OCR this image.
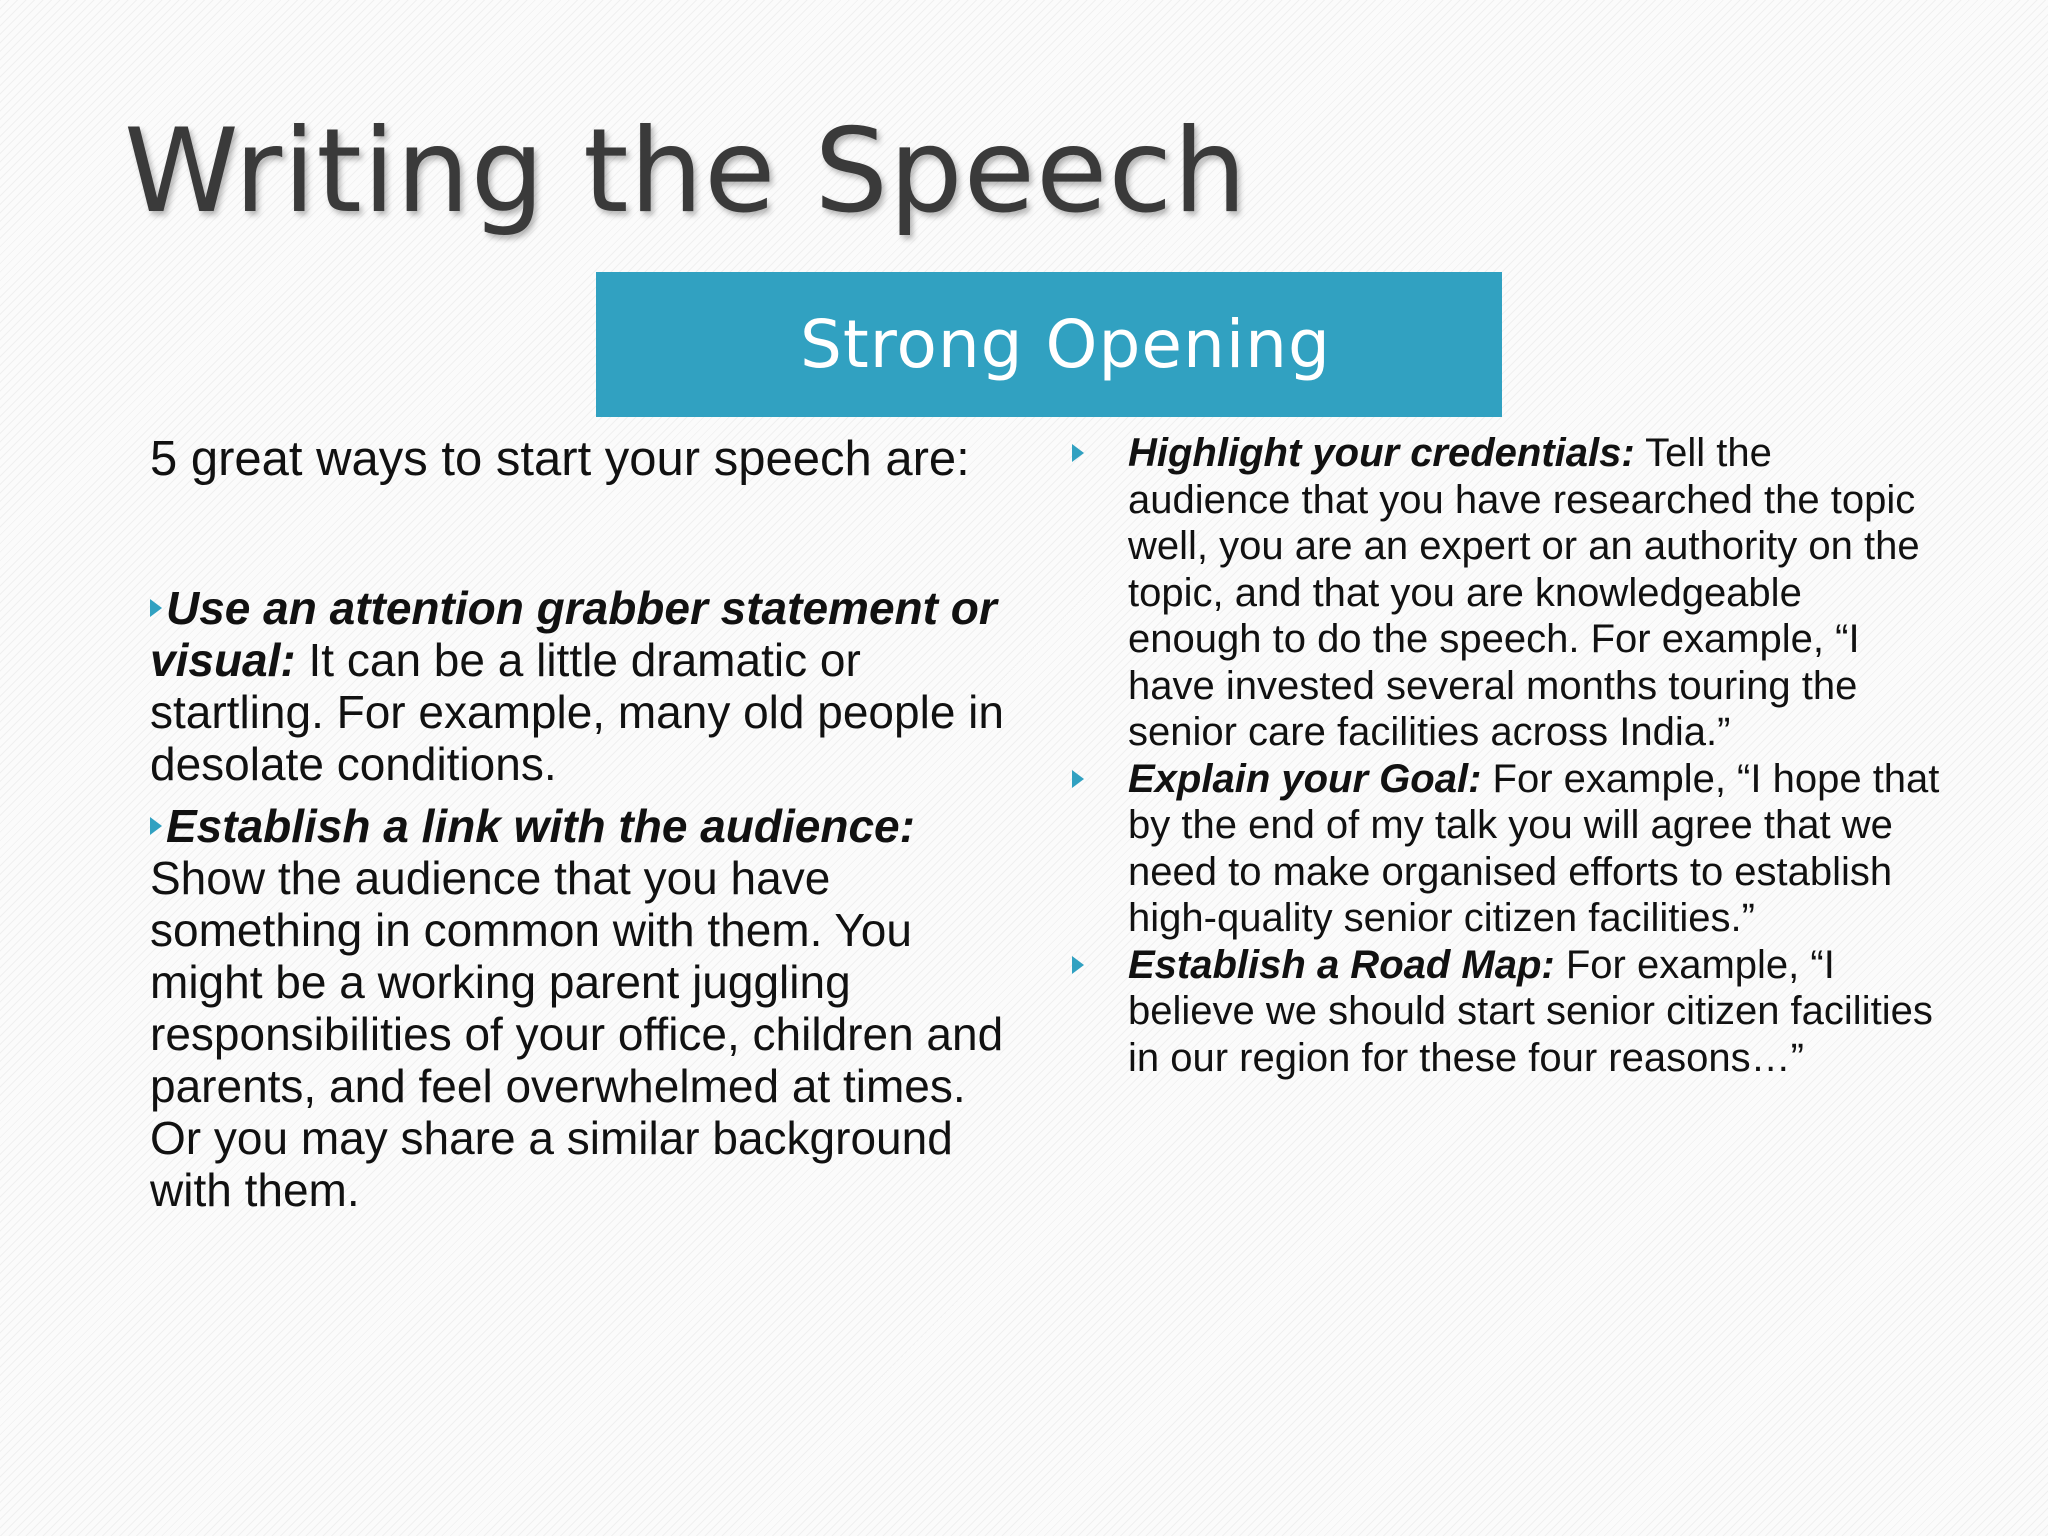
Writing the Speech
Strong Opening

5 great ways to start your speech are:

Use an attention grabber statement or visual: It can be a little dramatic or startling. For example, many old people in desolate conditions.

Establish a link with the audience: Show the audience that you have something in common with them. You might be a working parent juggling responsibilities of your office, children and parents, and feel overwhelmed at times. Or you may share a similar background with them.

Highlight your credentials: Tell the audience that you have researched the topic well, you are an expert or an authority on the topic, and that you are knowledgeable enough to do the speech. For example, “I have invested several months touring the senior care facilities across India.”

Explain your Goal: For example, “I hope that by the end of my talk you will agree that we need to make organised efforts to establish high-quality senior citizen facilities.”

Establish a Road Map: For example, “I believe we should start senior citizen facilities in our region for these four reasons…”
